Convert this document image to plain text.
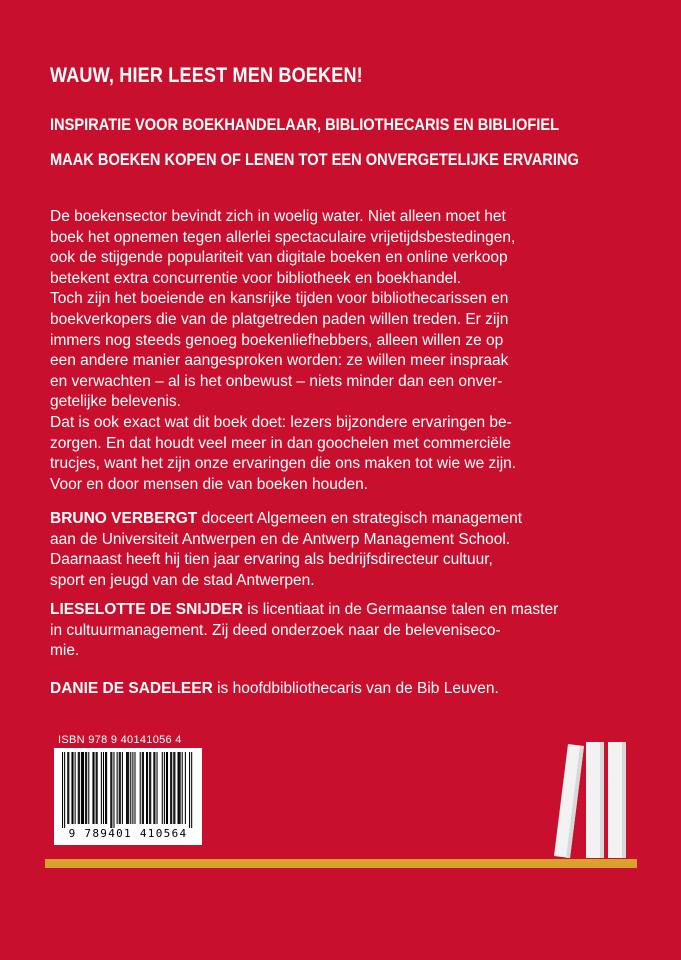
WAUW, HIER LEEST MEN BOEKEN!
INSPIRATIE VOOR BOEKHANDELAAR, BIBLIOTHECARIS EN BIBLIOFIEL
MAAK BOEKEN KOPEN OF LENEN TOT EEN ONVERGETELIJKE ERVARING
De boekensector bevindt zich in woelig water. Niet alleen moet het
boek het opnemen tegen allerlei spectaculaire vrijetijdsbestedingen,
ook de stijgende populariteit van digitale boeken en online verkoop
betekent extra concurrentie voor bibliotheek en boekhandel.
Toch zijn het boeiende en kansrijke tijden voor bibliothecarissen en
boekverkopers die van de platgetreden paden willen treden. Er zijn
immers nog steeds genoeg boekenliefhebbers, alleen willen ze op
een andere manier aangesproken worden: ze willen meer inspraak
en verwachten – al is het onbewust – niets minder dan een onver-
getelijke belevenis.
Dat is ook exact wat dit boek doet: lezers bijzondere ervaringen be-
zorgen. En dat houdt veel meer in dan goochelen met commerciële
trucjes, want het zijn onze ervaringen die ons maken tot wie we zijn.
Voor en door mensen die van boeken houden.
BRUNO VERBERGT doceert Algemeen en strategisch management
aan de Universiteit Antwerpen en de Antwerp Management School.
Daarnaast heeft hij tien jaar ervaring als bedrijfsdirecteur cultuur,
sport en jeugd van de stad Antwerpen.
LIESELOTTE DE SNIJDER is licentiaat in de Germaanse talen en master
in cultuurmanagement. Zij deed onderzoek naar de beleveniseco-
mie.
DANIE DE SADELEER is hoofdbibliothecaris van de Bib Leuven.
ISBN 978 9 40141056 4
9 789401 410564
